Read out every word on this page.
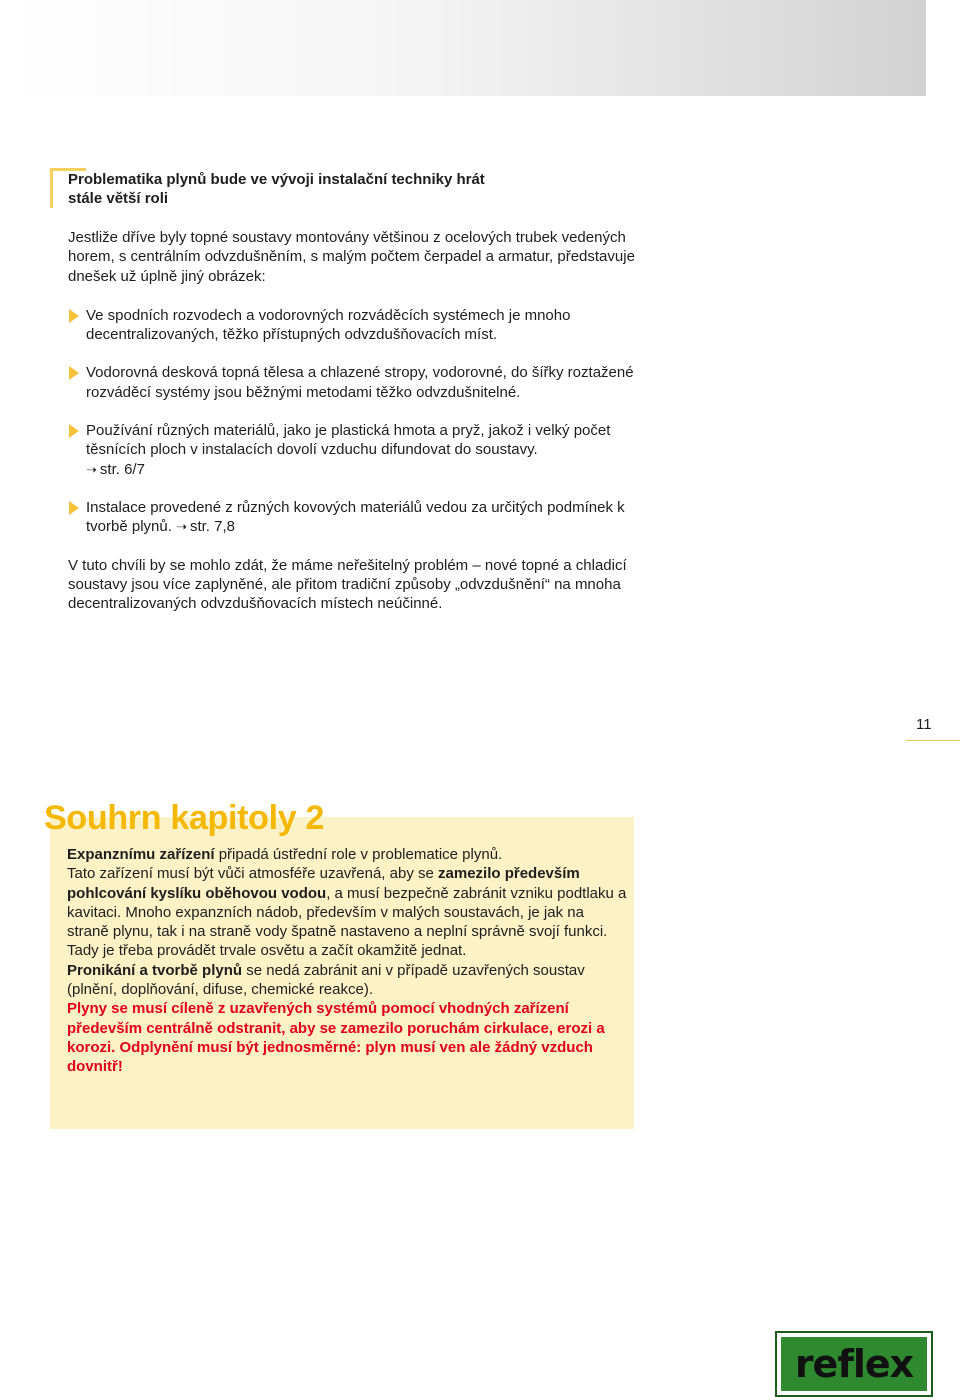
Problematika plynů bude ve vývoji instalační techniky hrát
stále větší roli

Jestliže dříve byly topné soustavy montovány většinou z ocelových trubek vedených horem, s centrálním odvzdušněním, s malým počtem čerpadel a armatur, představuje dnešek už úplně jiný obrázek:

Ve spodních rozvodech a vodorovných rozváděcích systémech je mnoho decentralizovaných, těžko přístupných odvzdušňovacích míst.
Vodorovná desková topná tělesa a chlazené stropy, vodorovné, do šířky roztažené rozváděcí systémy jsou běžnými metodami těžko odvzdušnitelné.
Používání různých materiálů, jako je plastická hmota a pryž, jakož i velký počet těsnících ploch v instalacích dovolí vzduchu difundovat do soustavy.
➝ str. 6/7
Instalace provedené z různých kovových materiálů vedou za určitých podmínek k tvorbě plynů. ➝ str. 7,8

V tuto chvíli by se mohlo zdát, že máme neřešitelný problém – nové topné a chladicí soustavy jsou více zaplyněné, ale přitom tradiční způsoby „odvzdušnění“ na mnoha decentralizovaných odvzdušňovacích místech neúčinné.

11
Souhrn kapitoly 2

Expanznímu zařízení připadá ústřední role v problematice plynů.

Tato zařízení musí být vůči atmosféře uzavřená, aby se zamezilo především pohlcování kyslíku oběhovou vodou, a musí bezpečně zabránit vzniku podtlaku a kavitaci. Mnoho expanzních nádob, především v malých soustavách, je jak na straně plynu, tak i na straně vody špatně nastaveno a neplní správně svojí funkci. Tady je třeba provádět trvale osvětu a začít okamžitě jednat.

Pronikání a tvorbě plynů se nedá zabránit ani v případě uzavřených soustav (plnění, doplňování, difuse, chemické reakce).

Plyny se musí cíleně z uzavřených systémů pomocí vhodných zařízení především centrálně odstranit, aby se zamezilo poruchám cirkulace, erozi a korozi. Odplynění musí být jednosměrné: plyn musí ven ale žádný vzduch dovnitř!

reflex
